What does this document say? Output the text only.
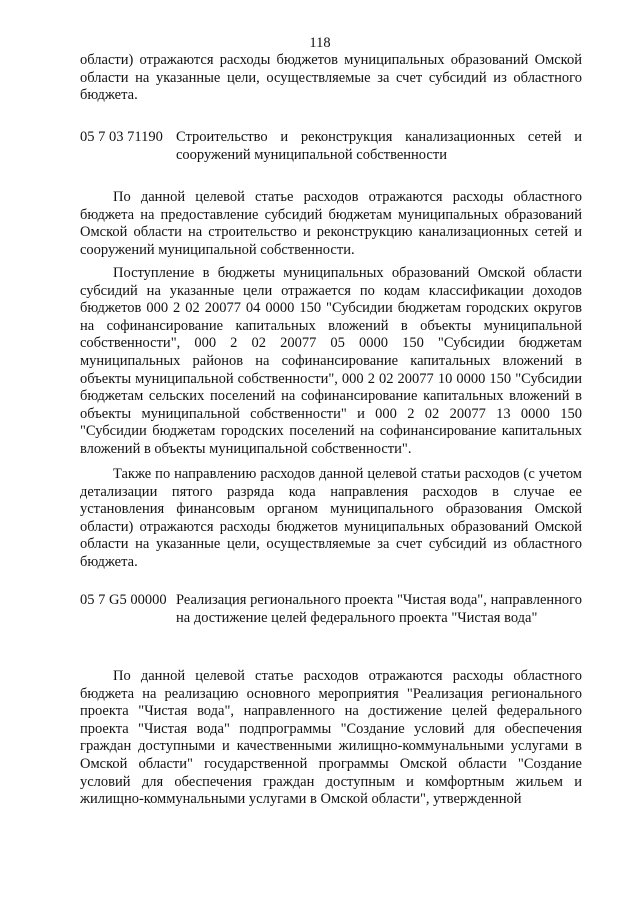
118

области) отражаются расходы бюджетов муниципальных образований Омской области на указанные цели, осуществляемые за счет субсидий из областного бюджета.

05 7 03 71190 Строительство и реконструкция канализационных сетей и сооружений муниципальной собственности

По данной целевой статье расходов отражаются расходы областного бюджета на предоставление субсидий бюджетам муниципальных образований Омской области на строительство и реконструкцию канализационных сетей и сооружений муниципальной собственности.

Поступление в бюджеты муниципальных образований Омской области субсидий на указанные цели отражается по кодам классификации доходов бюджетов 000 2 02 20077 04 0000 150 "Субсидии бюджетам городских округов на софинансирование капитальных вложений в объекты муниципальной собственности", 000 2 02 20077 05 0000 150 "Субсидии бюджетам муниципальных районов на софинансирование капитальных вложений в объекты муниципальной собственности", 000 2 02 20077 10 0000 150 "Субсидии бюджетам сельских поселений на софинансирование капитальных вложений в объекты муниципальной собственности" и 000 2 02 20077 13 0000 150 "Субсидии бюджетам городских поселений на софинансирование капитальных вложений в объекты муниципальной собственности".

Также по направлению расходов данной целевой статьи расходов (с учетом детализации пятого разряда кода направления расходов в случае ее установления финансовым органом муниципального образования Омской области) отражаются расходы бюджетов муниципальных образований Омской области на указанные цели, осуществляемые за счет субсидий из областного бюджета.

05 7 G5 00000 Реализация регионального проекта "Чистая вода", направленного на достижение целей федерального проекта "Чистая вода"

По данной целевой статье расходов отражаются расходы областного бюджета на реализацию основного мероприятия "Реализация регионального проекта "Чистая вода", направленного на достижение целей федерального проекта "Чистая вода" подпрограммы "Создание условий для обеспечения граждан доступными и качественными жилищно-коммунальными услугами в Омской области" государственной программы Омской области "Создание условий для обеспечения граждан доступным и комфортным жильем и жилищно-коммунальными услугами в Омской области", утвержденной
